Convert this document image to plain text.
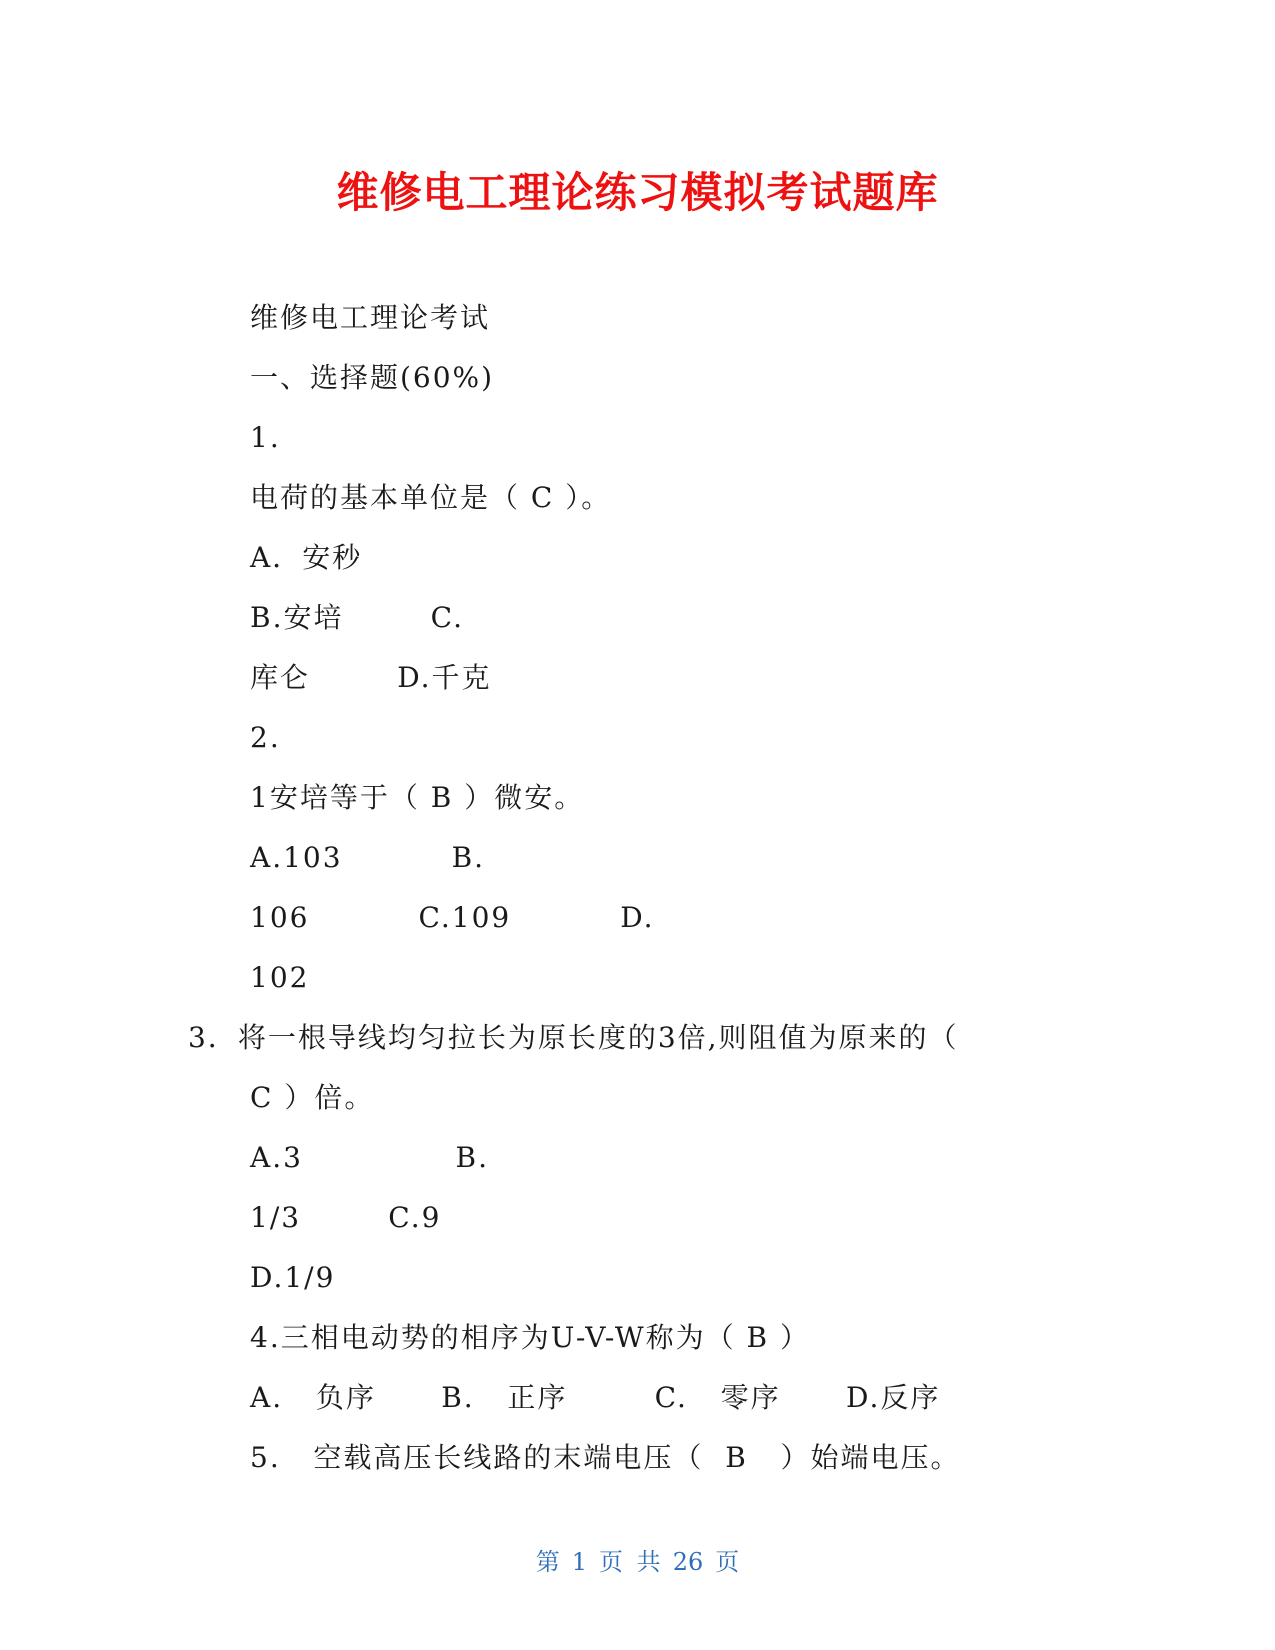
维修电工理论练习模拟考试题库
维修电工理论考试
一、选择题(60%)
1.
电荷的基本单位是（ C ）。
A．安秒
B.安培        C.
库仑        D.千克
2.
1安培等于（ B ）微安。
A.103          B.
106          C.109          D.
102
3．将一根导线均匀拉长为原长度的3倍,则阻值为原来的（
C ）倍。
A.3              B.
1/3        C.9
D.1/9
4.三相电动势的相序为U-V-W称为（ B ）
A.   负序      B.   正序        C.   零序      D.反序
5.   空载高压长线路的末端电压（  B   ）始端电压。
第 1 页 共 26 页
